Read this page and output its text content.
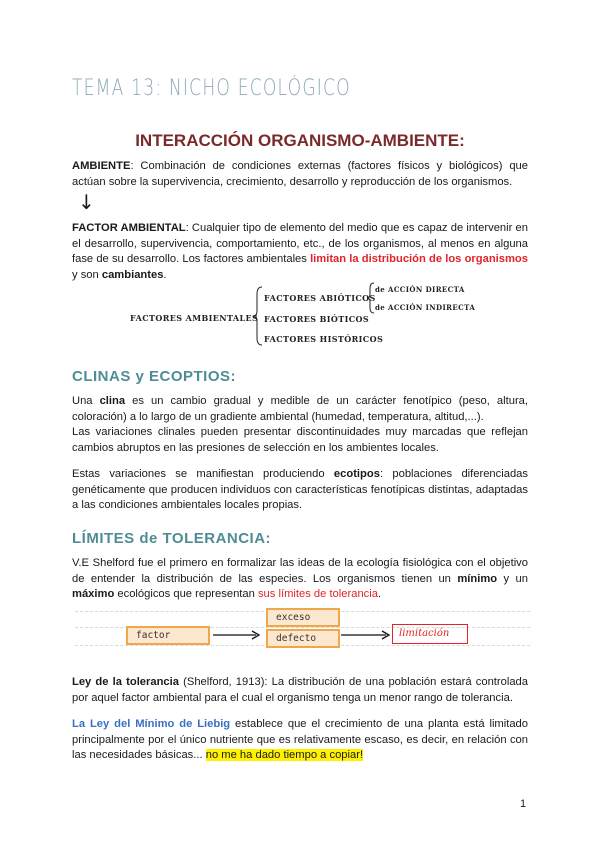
TEMA 13: NICHO ECOLÓGICO
INTERACCIÓN ORGANISMO-AMBIENTE:

AMBIENTE: Combinación de condiciones externas (factores físicos y biológicos) que actúan sobre la supervivencia, crecimiento, desarrollo y reproducción de los organismos.

↓

FACTOR AMBIENTAL: Cualquier tipo de elemento del medio que es capaz de intervenir en el desarrollo, supervivencia, comportamiento, etc., de los organismos, al menos en alguna fase de su desarrollo. Los factores ambientales limitan la distribución de los organismos y son cambiantes.

FACTORES AMBIENTALES
FACTORES ABIÓTICOS
FACTORES BIÓTICOS
FACTORES HISTÓRICOS
de ACCIÓN DIRECTA
de ACCIÓN INDIRECTA
CLINAS y ECOPTIOS:

Una clina es un cambio gradual y medible de un carácter fenotípico (peso, altura, coloración) a lo largo de un gradiente ambiental (humedad, temperatura, altitud,...).

Las variaciones clinales pueden presentar discontinuidades muy marcadas que reflejan cambios abruptos en las presiones de selección en los ambientes locales.

Estas variaciones se manifiestan produciendo ecotipos: poblaciones diferenciadas genéticamente que producen individuos con características fenotípicas distintas, adaptadas a las condiciones ambientales locales propias.

LÍMITES de TOLERANCIA:

V.E Shelford fue el primero en formalizar las ideas de la ecología fisiológica con el objetivo de entender la distribución de las especies. Los organismos tienen un mínimo y un máximo ecológicos que representan sus límites de tolerancia.

factor
exceso
defecto	limitación

Ley de la tolerancia (Shelford, 1913): La distribución de una población estará controlada por aquel factor ambiental para el cual el organismo tenga un menor rango de tolerancia.

La Ley del Mínimo de Liebig establece que el crecimiento de una planta está limitado principalmente por el único nutriente que es relativamente escaso, es decir, en relación con las necesidades básicas... no me ha dado tiempo a copiar!

1
